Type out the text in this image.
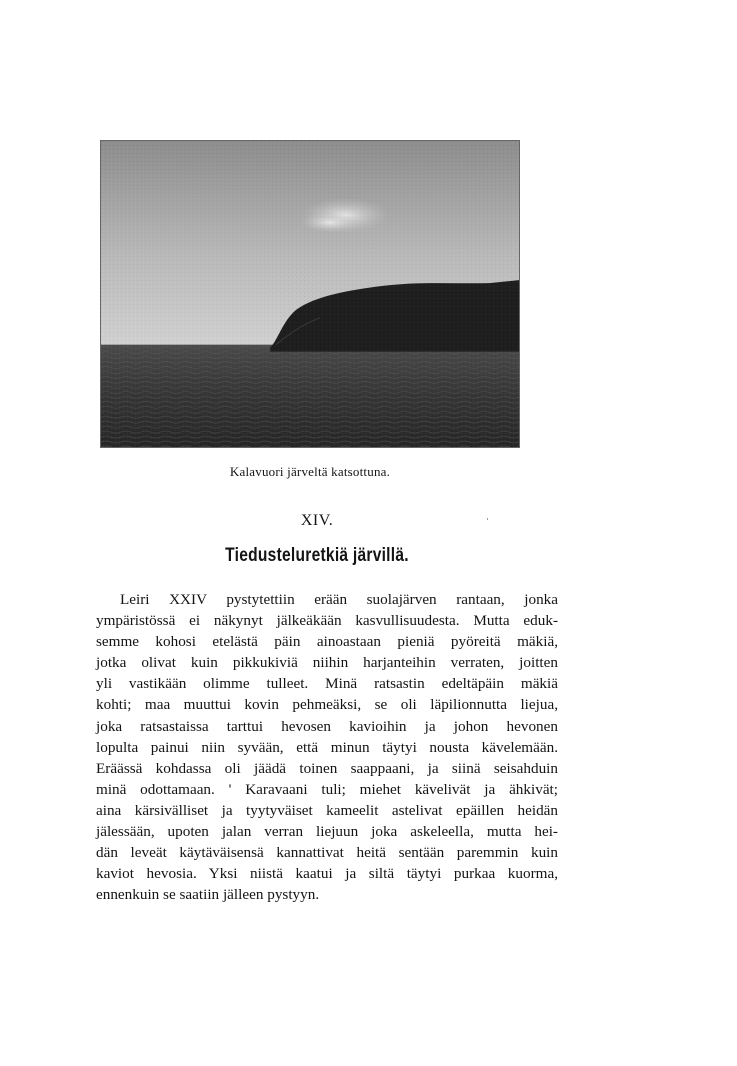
Kalavuori järveltä katsottuna.
XIV.
Tiedusteluretkiä järvillä.
Leiri XXIV pystytettiin erään suolajärven rantaan, jonka
ympäristössä ei näkynyt jälkeäkään kasvullisuudesta. Mutta eduk-
semme kohosi etelästä päin ainoastaan pieniä pyöreitä mäkiä,
jotka olivat kuin pikkukiviä niihin harjanteihin verraten, joitten
yli vastikään olimme tulleet. Minä ratsastin edeltäpäin mäkiä
kohti; maa muuttui kovin pehmeäksi, se oli läpilionnutta liejua,
joka ratsastaissa tarttui hevosen kavioihin ja johon hevonen
lopulta painui niin syvään, että minun täytyi nousta kävelemään.
Eräässä kohdassa oli jäädä toinen saappaani, ja siinä seisahduin
minä odottamaan. ' Karavaani tuli; miehet kävelivät ja ähkivät;
aina kärsivälliset ja tyytyväiset kameelit astelivat epäillen heidän
jälessään, upoten jalan verran liejuun joka askeleella, mutta hei-
dän leveät käytäväisensä kannattivat heitä sentään paremmin kuin
kaviot hevosia. Yksi niistä kaatui ja siltä täytyi purkaa kuorma,
ennenkuin se saatiin jälleen pystyyn.
